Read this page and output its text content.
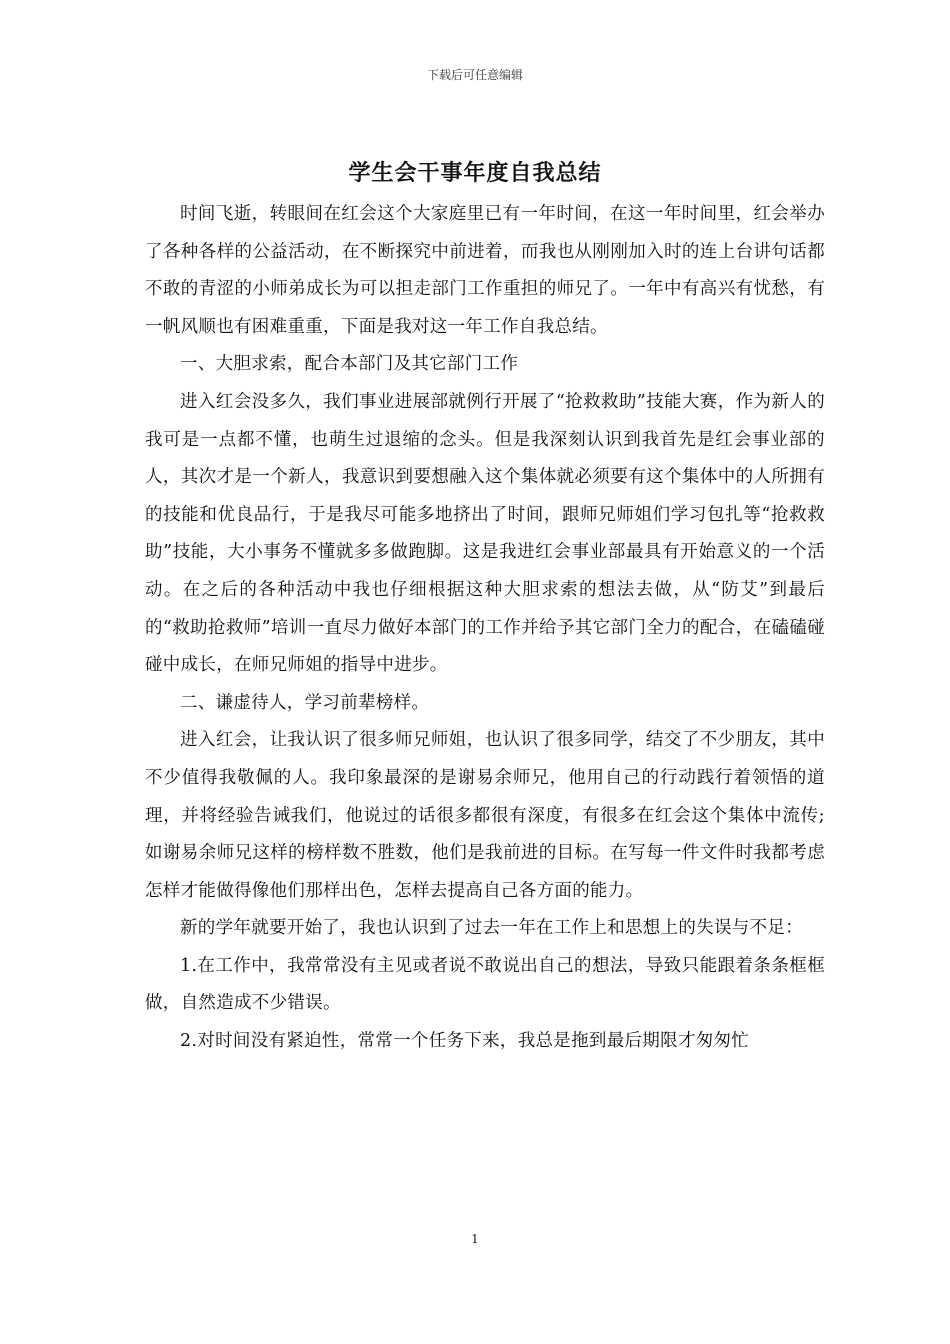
下载后可任意编辑
学生会干事年度自我总结

时间飞逝，转眼间在红会这个大家庭里已有一年时间，在这一年时间里，红会举办了各种各样的公益活动，在不断探究中前进着，而我也从刚刚加入时的连上台讲句话都不敢的青涩的小师弟成长为可以担走部门工作重担的师兄了。一年中有高兴有忧愁，有一帆风顺也有困难重重，下面是我对这一年工作自我总结。

一、大胆求索，配合本部门及其它部门工作

进入红会没多久，我们事业进展部就例行开展了“抢救救助”技能大赛，作为新人的我可是一点都不懂，也萌生过退缩的念头。但是我深刻认识到我首先是红会事业部的人，其次才是一个新人，我意识到要想融入这个集体就必须要有这个集体中的人所拥有的技能和优良品行，于是我尽可能多地挤出了时间，跟师兄师姐们学习包扎等“抢救救助”技能，大小事务不懂就多多做跑脚。这是我进红会事业部最具有开始意义的一个活动。在之后的各种活动中我也仔细根据这种大胆求索的想法去做，从“防艾”到最后的“救助抢救师”培训一直尽力做好本部门的工作并给予其它部门全力的配合，在磕磕碰碰中成长，在师兄师姐的指导中进步。

二、谦虚待人，学习前辈榜样。

进入红会，让我认识了很多师兄师姐，也认识了很多同学，结交了不少朋友，其中不少值得我敬佩的人。我印象最深的是谢易余师兄，他用自己的行动践行着领悟的道理，并将经验告诫我们，他说过的话很多都很有深度，有很多在红会这个集体中流传;如谢易余师兄这样的榜样数不胜数，他们是我前进的目标。在写每一件文件时我都考虑怎样才能做得像他们那样出色，怎样去提高自己各方面的能力。

新的学年就要开始了，我也认识到了过去一年在工作上和思想上的失误与不足：

1.在工作中，我常常没有主见或者说不敢说出自己的想法，导致只能跟着条条框框做，自然造成不少错误。

2.对时间没有紧迫性，常常一个任务下来，我总是拖到最后期限才匆匆忙

1
